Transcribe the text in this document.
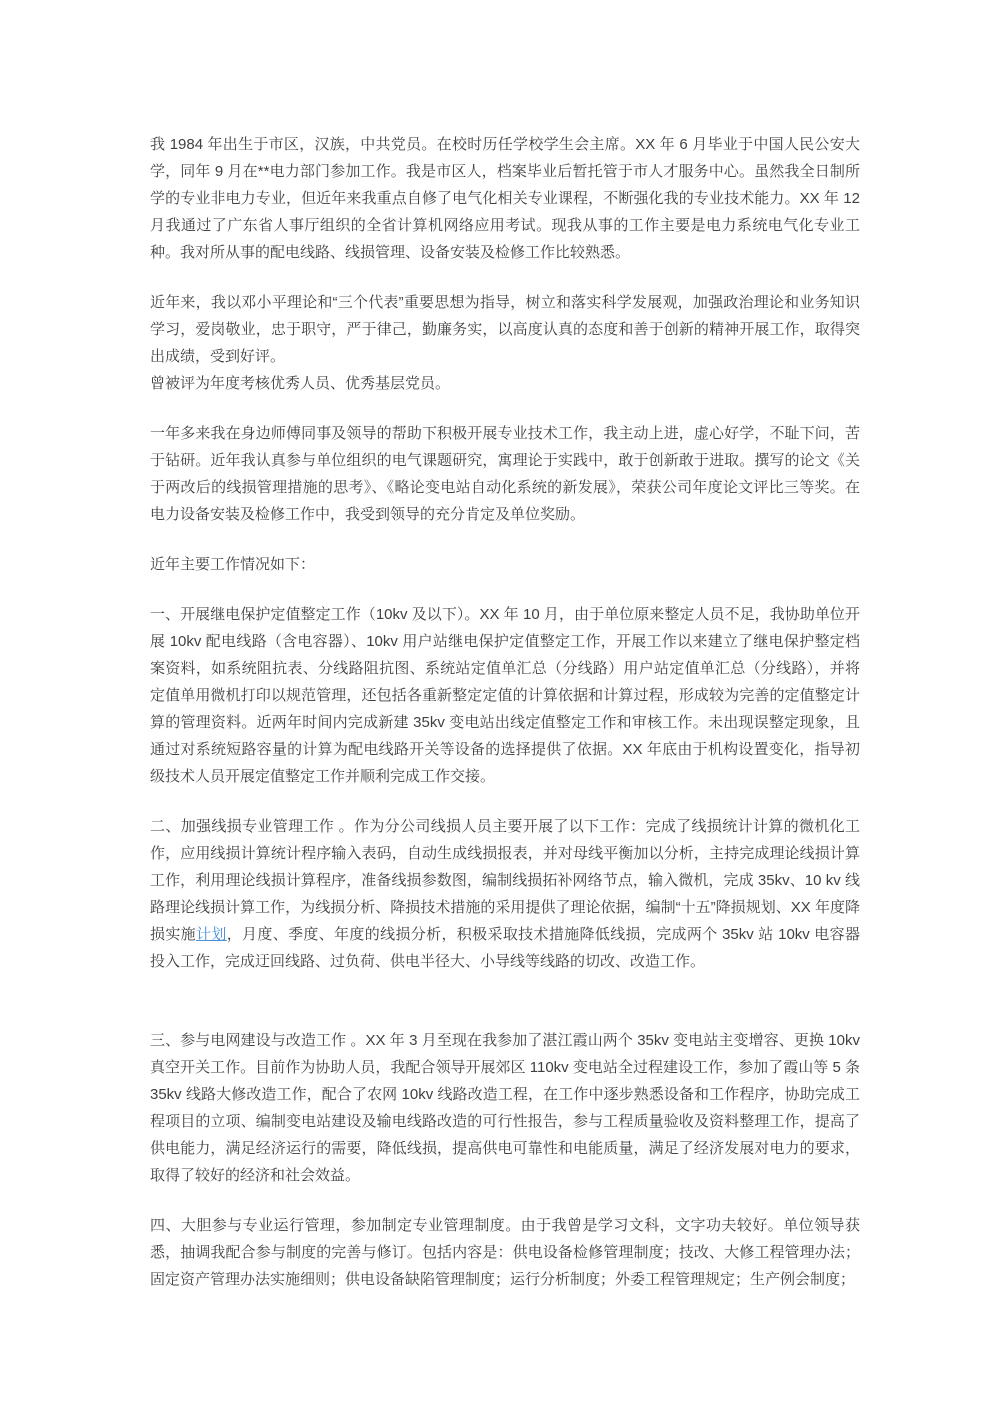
我 1984 年出生于市区，汉族，中共党员。在校时历任学校学生会主席。XX 年 6 月毕业于中国人民公安大学，同年 9 月在**电力部门参加工作。我是市区人，档案毕业后暂托管于市人才服务中心。虽然我全日制所学的专业非电力专业，但近年来我重点自修了电气化相关专业课程，不断强化我的专业技术能力。XX 年 12 月我通过了广东省人事厅组织的全省计算机网络应用考试。现我从事的工作主要是电力系统电气化专业工种。我对所从事的配电线路、线损管理、设备安装及检修工作比较熟悉。

近年来，我以邓小平理论和“三个代表”重要思想为指导，树立和落实科学发展观，加强政治理论和业务知识学习，爱岗敬业，忠于职守，严于律己，勤廉务实，以高度认真的态度和善于创新的精神开展工作，取得突出成绩，受到好评。
曾被评为年度考核优秀人员、优秀基层党员。

一年多来我在身边师傅同事及领导的帮助下积极开展专业技术工作，我主动上进，虚心好学，不耻下问，苦于钻研。近年我认真参与单位组织的电气课题研究，寓理论于实践中，敢于创新敢于进取。撰写的论文《关于两改后的线损管理措施的思考》、《略论变电站自动化系统的新发展》，荣获公司年度论文评比三等奖。在电力设备安装及检修工作中，我受到领导的充分肯定及单位奖励。

近年主要工作情况如下：

一、开展继电保护定值整定工作（10kv 及以下）。XX 年 10 月，由于单位原来整定人员不足，我协助单位开展 10kv 配电线路（含电容器）、10kv 用户站继电保护定值整定工作，开展工作以来建立了继电保护整定档案资料，如系统阻抗表、分线路阻抗图、系统站定值单汇总（分线路）用户站定值单汇总（分线路），并将定值单用微机打印以规范管理，还包括各重新整定定值的计算依据和计算过程，形成较为完善的定值整定计算的管理资料。近两年时间内完成新建 35kv 变电站出线定值整定工作和审核工作。未出现误整定现象，且通过对系统短路容量的计算为配电线路开关等设备的选择提供了依据。XX 年底由于机构设置变化，指导初级技术人员开展定值整定工作并顺利完成工作交接。

二、加强线损专业管理工作 。作为分公司线损人员主要开展了以下工作：完成了线损统计计算的微机化工作，应用线损计算统计程序输入表码，自动生成线损报表，并对母线平衡加以分析，主持完成理论线损计算工作，利用理论线损计算程序，准备线损参数图，编制线损拓补网络节点，输入微机，完成 35kv、10 kv 线路理论线损计算工作，为线损分析、降损技术措施的采用提供了理论依据，编制“十五”降损规划、XX 年度降损实施计划，月度、季度、年度的线损分析，积极采取技术措施降低线损，完成两个 35kv 站 10kv 电容器投入工作，完成迂回线路、过负荷、供电半径大、小导线等线路的切改、改造工作。

三、参与电网建设与改造工作 。XX 年 3 月至现在我参加了湛江霞山两个 35kv 变电站主变增容、更换 10kv 真空开关工作。目前作为协助人员，我配合领导开展郊区 110kv 变电站全过程建设工作，参加了霞山等 5 条 35kv 线路大修改造工作，配合了农网 10kv 线路改造工程，在工作中逐步熟悉设备和工作程序，协助完成工程项目的立项、编制变电站建设及输电线路改造的可行性报告，参与工程质量验收及资料整理工作，提高了供电能力，满足经济运行的需要，降低线损，提高供电可靠性和电能质量，满足了经济发展对电力的要求，取得了较好的经济和社会效益。

四、大胆参与专业运行管理，参加制定专业管理制度。由于我曾是学习文科，文字功夫较好。单位领导获悉，抽调我配合参与制度的完善与修订。包括内容是：供电设备检修管理制度；技改、大修工程管理办法；固定资产管理办法实施细则；供电设备缺陷管理制度；运行分析制度；外委工程管理规定；生产例会制度；
